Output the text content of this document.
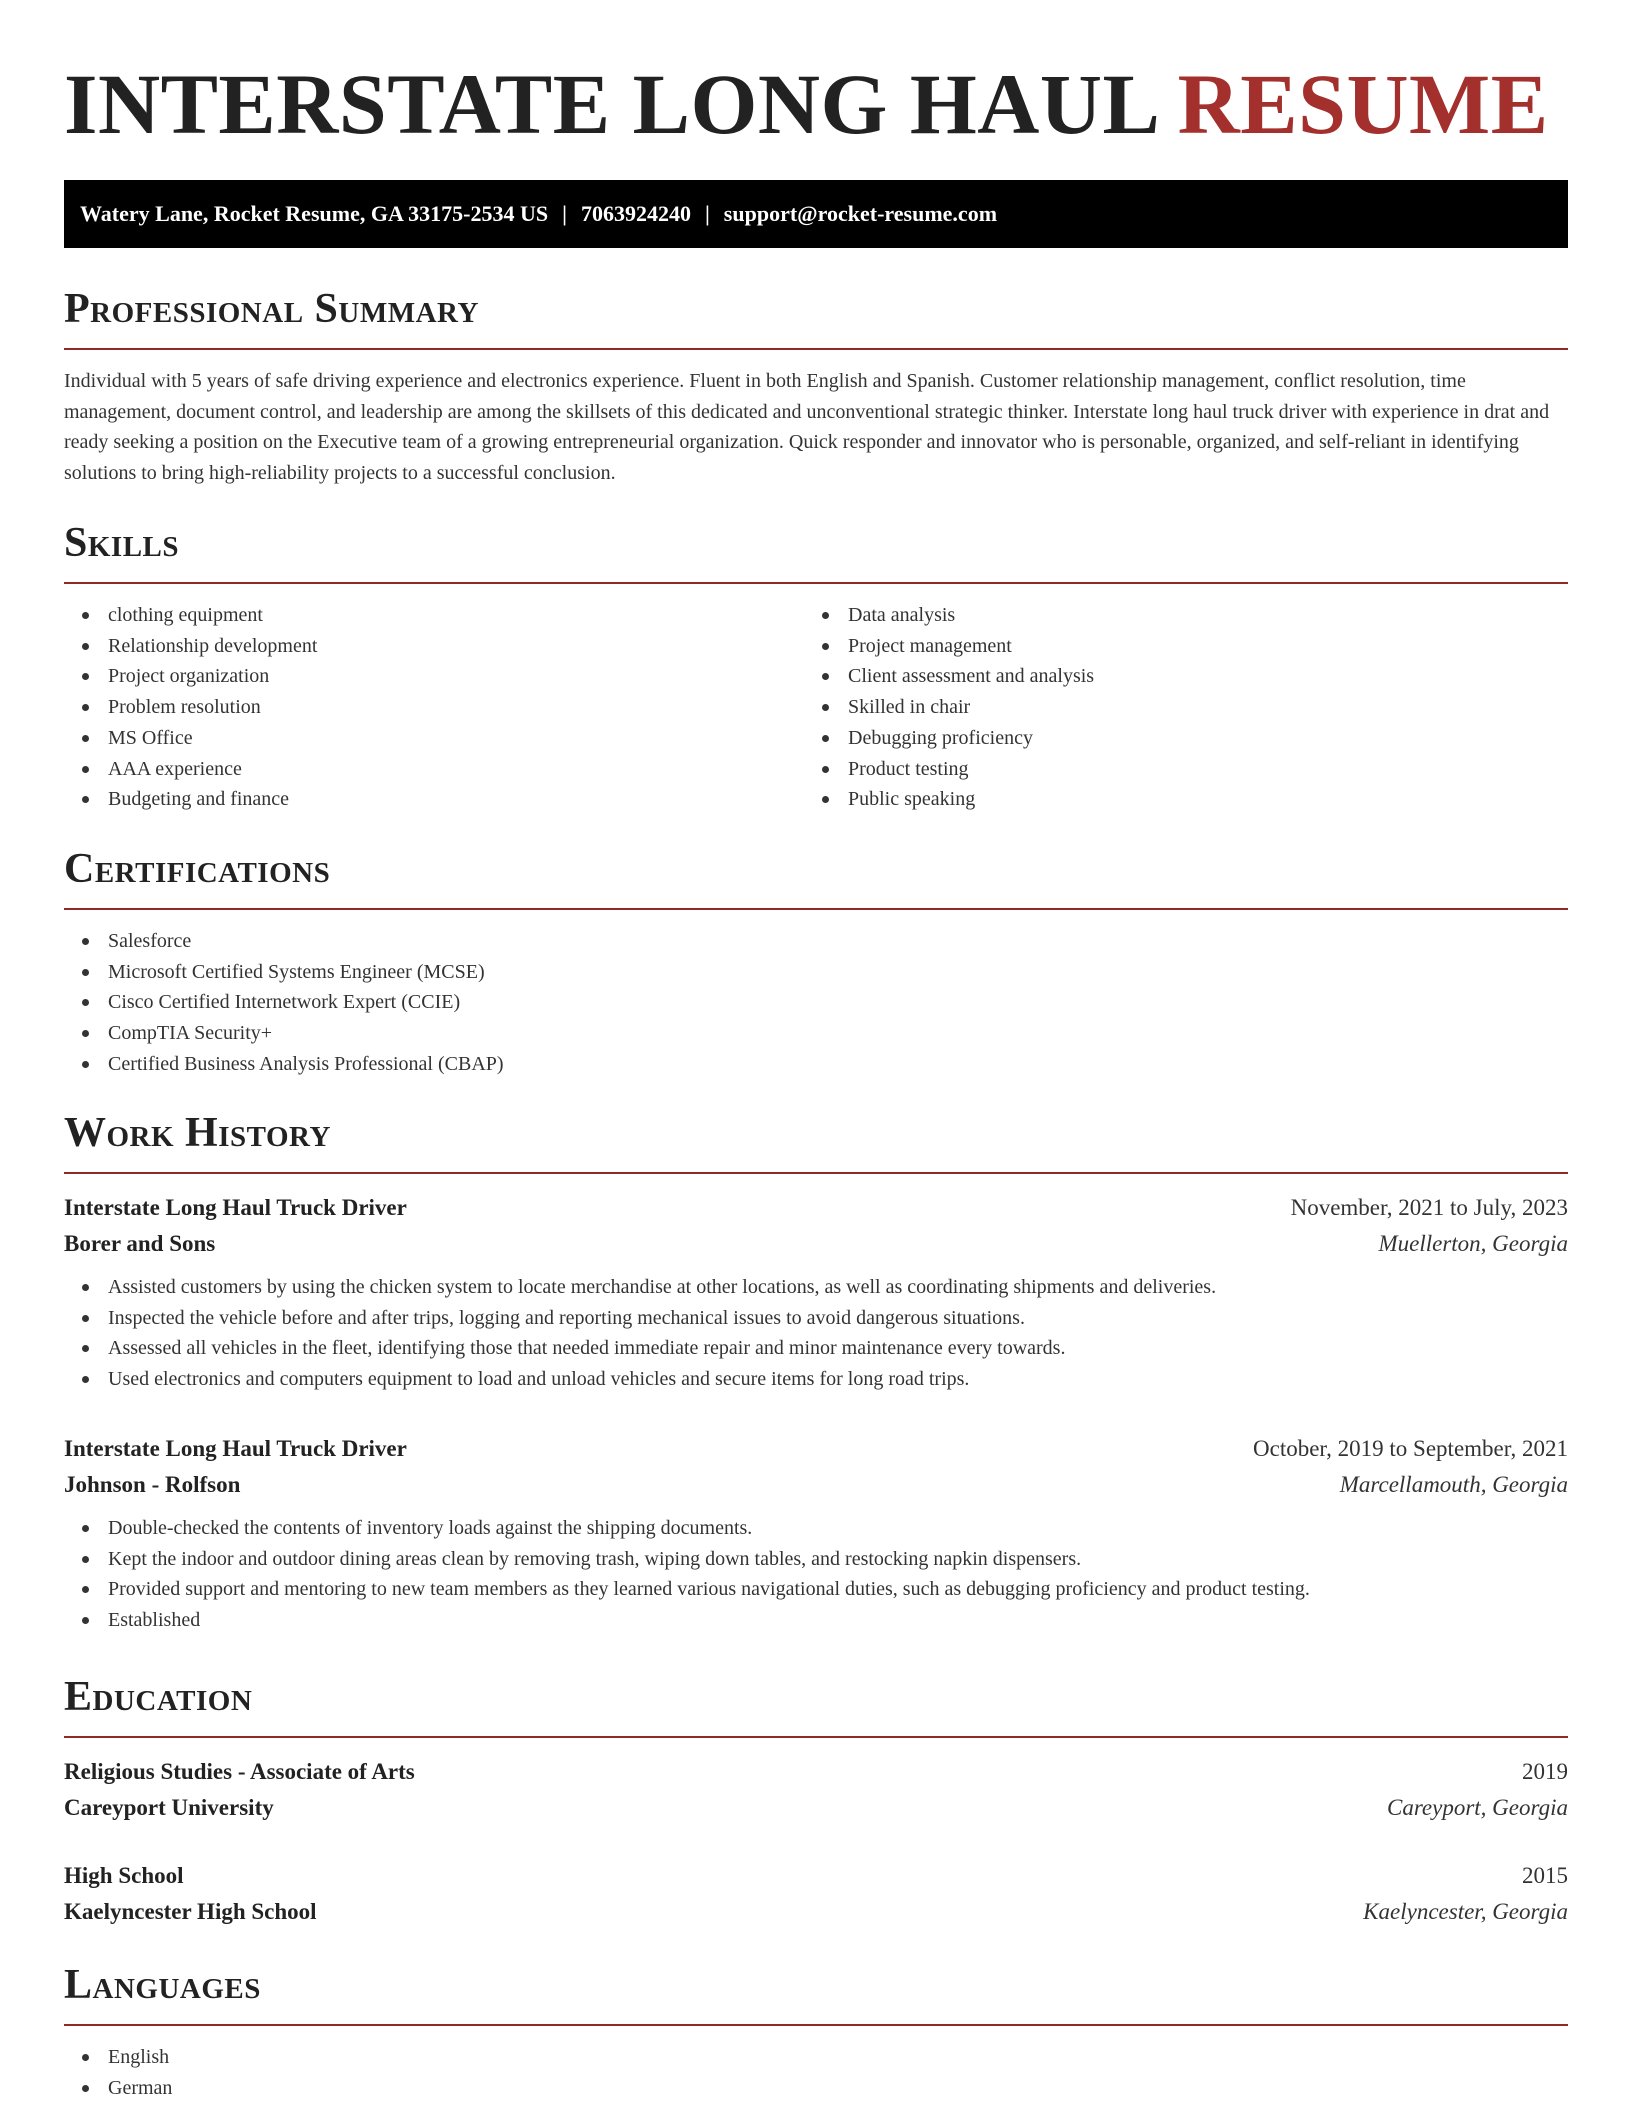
INTERSTATE LONG HAUL RESUME
Watery Lane, Rocket Resume, GA 33175-2534 US | 7063924240 | support@rocket-resume.com
Professional Summary

Individual with 5 years of safe driving experience and electronics experience. Fluent in both English and Spanish. Customer relationship management, conflict resolution, time management, document control, and leadership are among the skillsets of this dedicated and unconventional strategic thinker. Interstate long haul truck driver with experience in drat and ready seeking a position on the Executive team of a growing entrepreneurial organization. Quick responder and innovator who is personable, organized, and self-reliant in identifying solutions to bring high-reliability projects to a successful conclusion.

Skills
clothing equipment
Relationship development
Project organization
Problem resolution
MS Office
AAA experience
Budgeting and finance
Data analysis
Project management
Client assessment and analysis
Skilled in chair
Debugging proficiency
Product testing
Public speaking
Certifications
Salesforce
Microsoft Certified Systems Engineer (MCSE)
Cisco Certified Internetwork Expert (CCIE)
CompTIA Security+
Certified Business Analysis Professional (CBAP)
Work History
Interstate Long Haul Truck Driver	November, 2021 to July, 2023
Borer and Sons	Muellerton, Georgia
Assisted customers by using the chicken system to locate merchandise at other locations, as well as coordinating shipments and deliveries.
Inspected the vehicle before and after trips, logging and reporting mechanical issues to avoid dangerous situations.
Assessed all vehicles in the fleet, identifying those that needed immediate repair and minor maintenance every towards.
Used electronics and computers equipment to load and unload vehicles and secure items for long road trips.
Interstate Long Haul Truck Driver	October, 2019 to September, 2021
Johnson - Rolfson	Marcellamouth, Georgia
Double-checked the contents of inventory loads against the shipping documents.
Kept the indoor and outdoor dining areas clean by removing trash, wiping down tables, and restocking napkin dispensers.
Provided support and mentoring to new team members as they learned various navigational duties, such as debugging proficiency and product testing.
Established
Education
Religious Studies - Associate of Arts	2019
Careyport University	Careyport, Georgia
High School	2015
Kaelyncester High School	Kaelyncester, Georgia
Languages
English
German
